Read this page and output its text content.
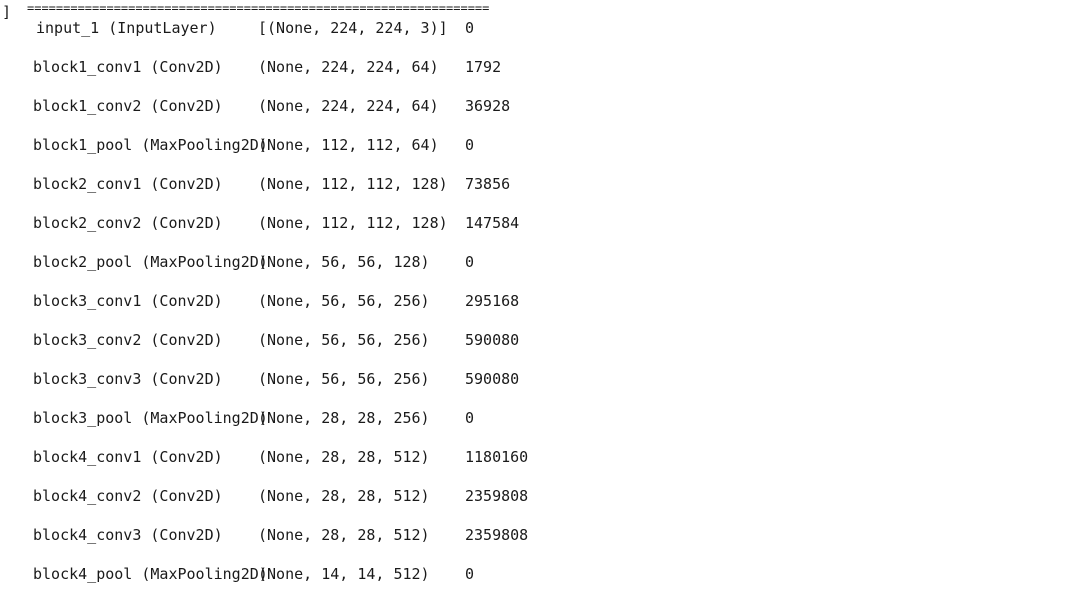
] ================================================================
input_1 (InputLayer)	[(None, 224, 224, 3)] 0
block1_conv1 (Conv2D) (None, 224, 224, 64) 1792
block1_conv2 (Conv2D) (None, 224, 224, 64) 36928
block1_pool (MaxPooling2D)
(None, 112, 112, 64) 0
block2_conv1 (Conv2D) (None, 112, 112, 128) 73856
block2_conv2 (Conv2D) (None, 112, 112, 128) 147584
block2_pool (MaxPooling2D)
(None, 56, 56, 128) 0
block3_conv1 (Conv2D) (None, 56, 56, 256) 295168
block3_conv2 (Conv2D) (None, 56, 56, 256) 590080
block3_conv3 (Conv2D) (None, 56, 56, 256) 590080
block3_pool (MaxPooling2D)
(None, 28, 28, 256) 0
block4_conv1 (Conv2D) (None, 28, 28, 512) 1180160
block4_conv2 (Conv2D) (None, 28, 28, 512) 2359808
block4_conv3 (Conv2D) (None, 28, 28, 512) 2359808
block4_pool (MaxPooling2D)
(None, 14, 14, 512) 0
